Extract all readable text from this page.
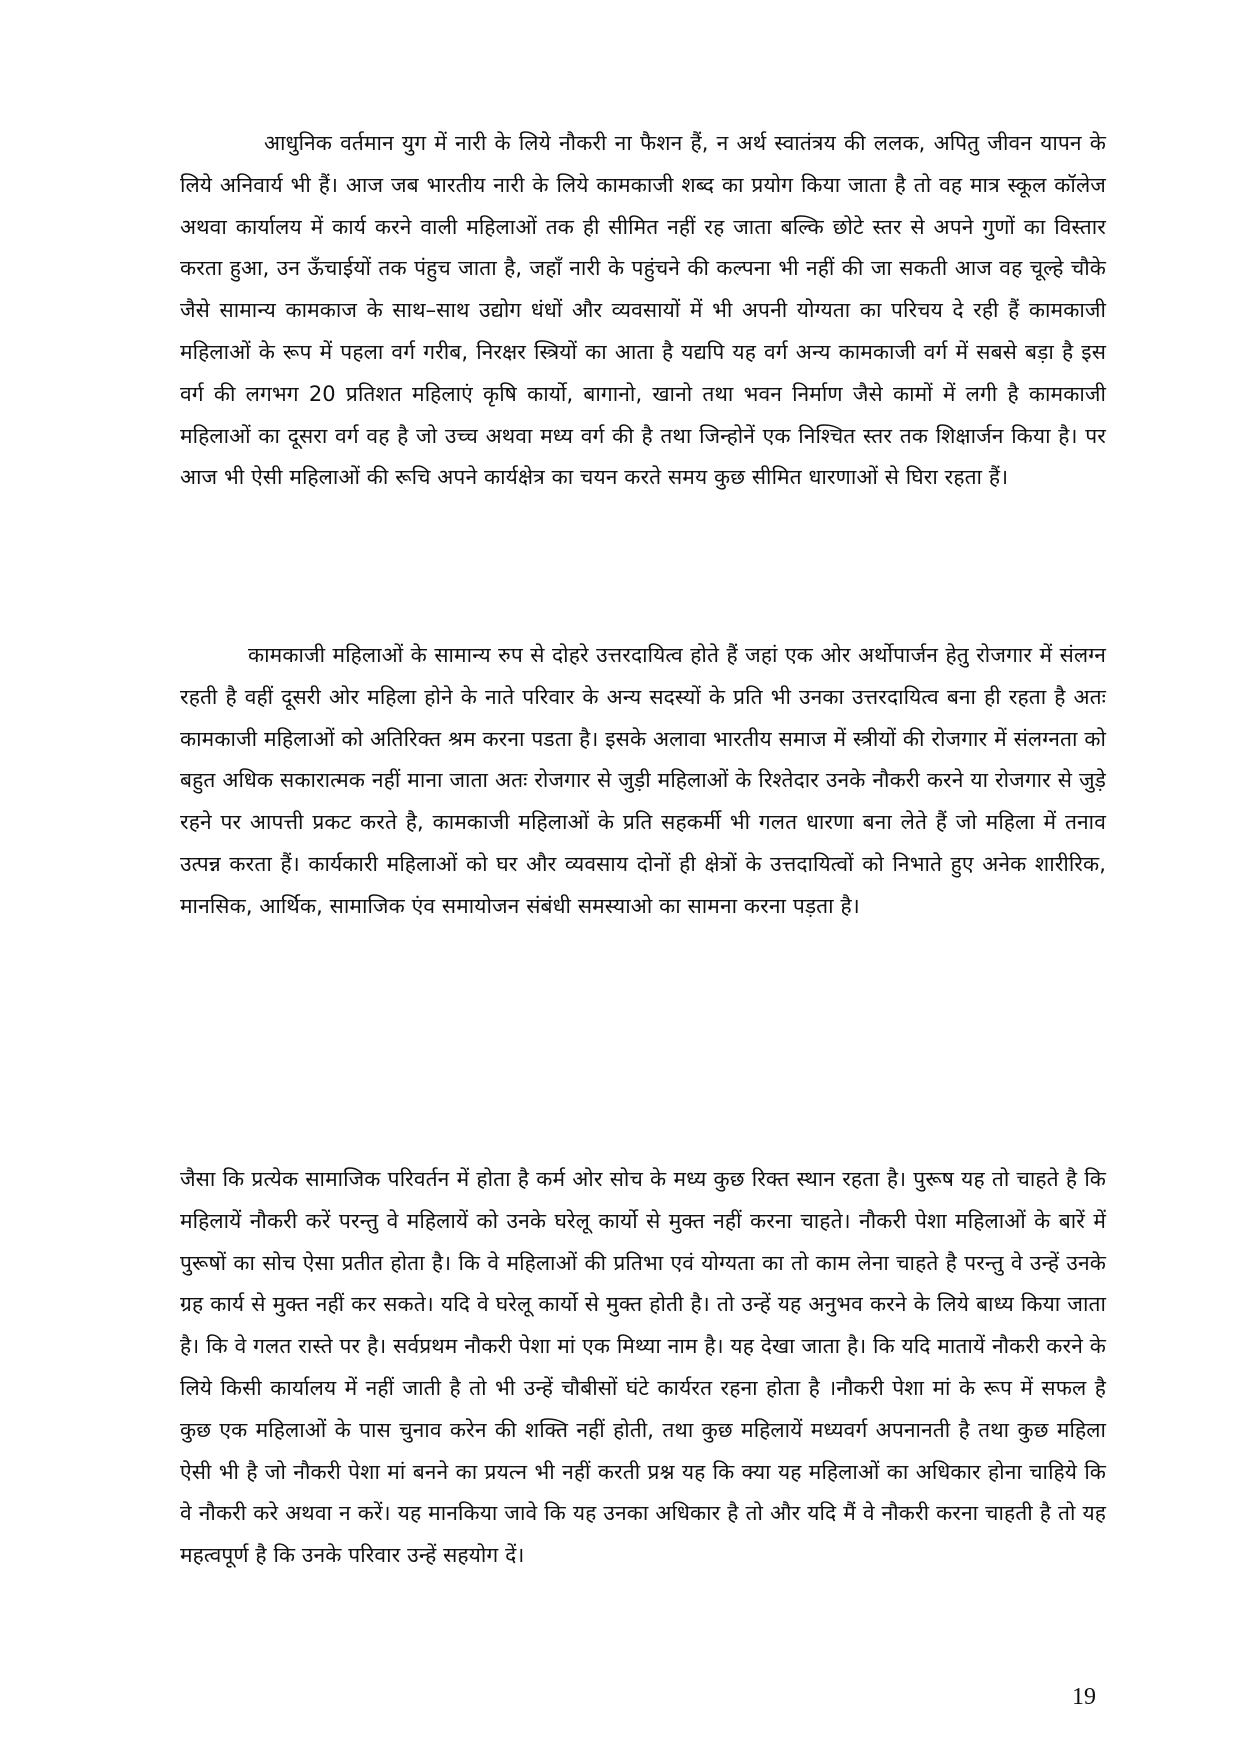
आधुनिक वर्तमान युग में नारी के लिये नौकरी ना फैशन हैं, न अर्थ स्वातंत्रय की ललक, अपितु जीवन यापन के लिये अनिवार्य भी हैं। आज जब भारतीय नारी के लिये कामकाजी शब्द का प्रयोग किया जाता है तो वह मात्र स्कूल कॉलेज अथवा कार्यालय में कार्य करने वाली महिलाओं तक ही सीमित नहीं रह जाता बल्कि छोटे स्तर से अपने गुणों का विस्तार करता हुआ, उन ऊँचाईयों तक पंहुच जाता है, जहॉं नारी के पहुंचने की कल्पना भी नहीं की जा सकती आज वह चूल्हे चौके जैसे सामान्य कामकाज के साथ–साथ उद्योग धंधों और व्यवसायों में भी अपनी योग्यता का परिचय दे रही हैं कामकाजी महिलाओं के रूप में पहला वर्ग गरीब, निरक्षर स्त्रियों का आता है यद्यपि यह वर्ग अन्य कामकाजी वर्ग में सबसे बड़ा है इस वर्ग की लगभग 20 प्रतिशत महिलाएं कृषि कार्यो, बागानो, खानो तथा भवन निर्माण जैसे कामों में लगी है कामकाजी महिलाओं का दूसरा वर्ग वह है जो उच्च अथवा मध्य वर्ग की है तथा जिन्होनें एक निश्चित स्तर तक शिक्षार्जन किया है। पर आज भी ऐसी महिलाओं की रूचि अपने कार्यक्षेत्र का चयन करते समय कुछ सीमित धारणाओं से घिरा रहता हैं।

कामकाजी महिलाओं के सामान्य रुप से दोहरे उत्तरदायित्व होते हैं जहां एक ओर अर्थोपार्जन हेतु रोजगार में संलग्न रहती है वहीं दूसरी ओर महिला होने के नाते परिवार के अन्य सदस्यों के प्रति भी उनका उत्तरदायित्व बना ही रहता है अतः कामकाजी महिलाओं को अतिरिक्त श्रम करना पडता है। इसके अलावा भारतीय समाज में स्त्रीयों की रोजगार में संलग्नता को बहुत अधिक सकारात्मक नहीं माना जाता अतः रोजगार से जुड़ी महिलाओं के रिश्तेदार उनके नौकरी करने या रोजगार से जुड़े रहने पर आपत्ती प्रकट करते है, कामकाजी महिलाओं के प्रति सहकर्मी भी गलत धारणा बना लेते हैं जो महिला में तनाव उत्पन्न करता हैं। कार्यकारी महिलाओं को घर और व्यवसाय दोनों ही क्षेत्रों के उत्तदायित्वों को निभाते हुए अनेक शारीरिक, मानसिक, आर्थिक, सामाजिक एंव समायोजन संबंधी समस्याओ का सामना करना पड़ता है।

जैसा कि प्रत्येक सामाजिक परिवर्तन में होता है कर्म ओर सोच के मध्य कुछ रिक्त स्थान रहता है। पुरूष यह तो चाहते है कि महिलायें नौकरी करें परन्तु वे महिलायें को उनके घरेलू कार्यो से मुक्त नहीं करना चाहते। नौकरी पेशा महिलाओं के बारें में पुरूषों का सोच ऐसा प्रतीत होता है। कि वे महिलाओं की प्रतिभा एवं योग्यता का तो काम लेना चाहते है परन्तु वे उन्हें उनके ग्रह कार्य से मुक्त नहीं कर सकते। यदि वे घरेलू कार्यो से मुक्त होती है। तो उन्हें यह अनुभव करने के लिये बाध्य किया जाता है। कि वे गलत रास्ते पर है। सर्वप्रथम नौकरी पेशा मां एक मिथ्या नाम है। यह देखा जाता है। कि यदि मातायें नौकरी करने के लिये किसी कार्यालय में नहीं जाती है तो भी उन्हें चौबीसों घंटे कार्यरत रहना होता है ।नौकरी पेशा मां के रूप में सफल है कुछ एक महिलाओं के पास चुनाव करेन की शक्ति नहीं होती, तथा कुछ महिलायें मध्यवर्ग अपनानती है तथा कुछ महिला ऐसी भी है जो नौकरी पेशा मां बनने का प्रयत्न भी नहीं करती प्रश्न यह कि क्या यह महिलाओं का अधिकार होना चाहिये कि वे नौकरी करे अथवा न करें। यह मानकिया जावे कि यह उनका अधिकार है तो और यदि मैं वे नौकरी करना चाहती है तो यह महत्वपूर्ण है कि उनके परिवार उन्हें सहयोग दें।

19
